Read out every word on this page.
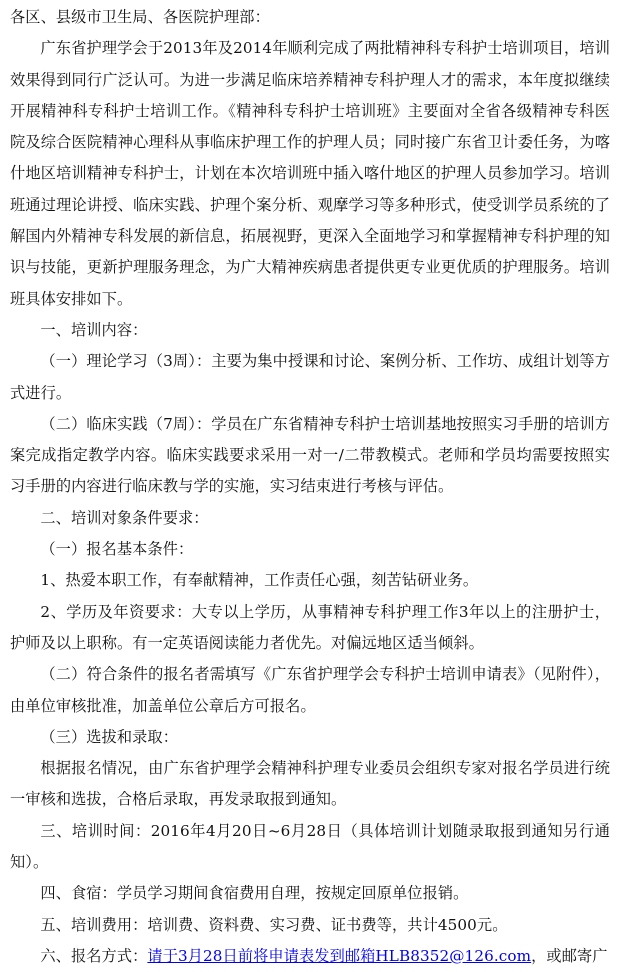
各区、县级市卫生局、各医院护理部：

广东省护理学会于2013年及2014年顺利完成了两批精神科专科护士培训项目，培训效果得到同行广泛认可。为进一步满足临床培养精神专科护理人才的需求，本年度拟继续开展精神科专科护士培训工作。《精神科专科护士培训班》主要面对全省各级精神专科医院及综合医院精神心理科从事临床护理工作的护理人员；同时接广东省卫计委任务，为喀什地区培训精神专科护士，计划在本次培训班中插入喀什地区的护理人员参加学习。培训班通过理论讲授、临床实践、护理个案分析、观摩学习等多种形式，使受训学员系统的了解国内外精神专科发展的新信息，拓展视野，更深入全面地学习和掌握精神专科护理的知识与技能，更新护理服务理念，为广大精神疾病患者提供更专业更优质的护理服务。培训班具体安排如下。

一、培训内容：

（一）理论学习（3周）：主要为集中授课和讨论、案例分析、工作坊、成组计划等方式进行。

（二）临床实践（7周）：学员在广东省精神专科护士培训基地按照实习手册的培训方案完成指定教学内容。临床实践要求采用一对一/二带教模式。老师和学员均需要按照实习手册的内容进行临床教与学的实施，实习结束进行考核与评估。

二、培训对象条件要求：

（一）报名基本条件：

1、热爱本职工作，有奉献精神，工作责任心强，刻苦钻研业务。

2、学历及年资要求：大专以上学历，从事精神专科护理工作3年以上的注册护士，护师及以上职称。有一定英语阅读能力者优先。对偏远地区适当倾斜。

（二）符合条件的报名者需填写《广东省护理学会专科护士培训申请表》（见附件），由单位审核批准，加盖单位公章后方可报名。

（三）选拔和录取：

根据报名情况，由广东省护理学会精神科护理专业委员会组织专家对报名学员进行统一审核和选拔，合格后录取，再发录取报到通知。

三、培训时间：2016年4月20日~6月28日（具体培训计划随录取报到通知另行通知）。

四、食宿：学员学习期间食宿费用自理，按规定回原单位报销。

五、培训费用：培训费、资料费、实习费、证书费等，共计4500元。

六、报名方式：请于3月28日前将申请表发到邮箱HLB8352@126.com，或邮寄广
